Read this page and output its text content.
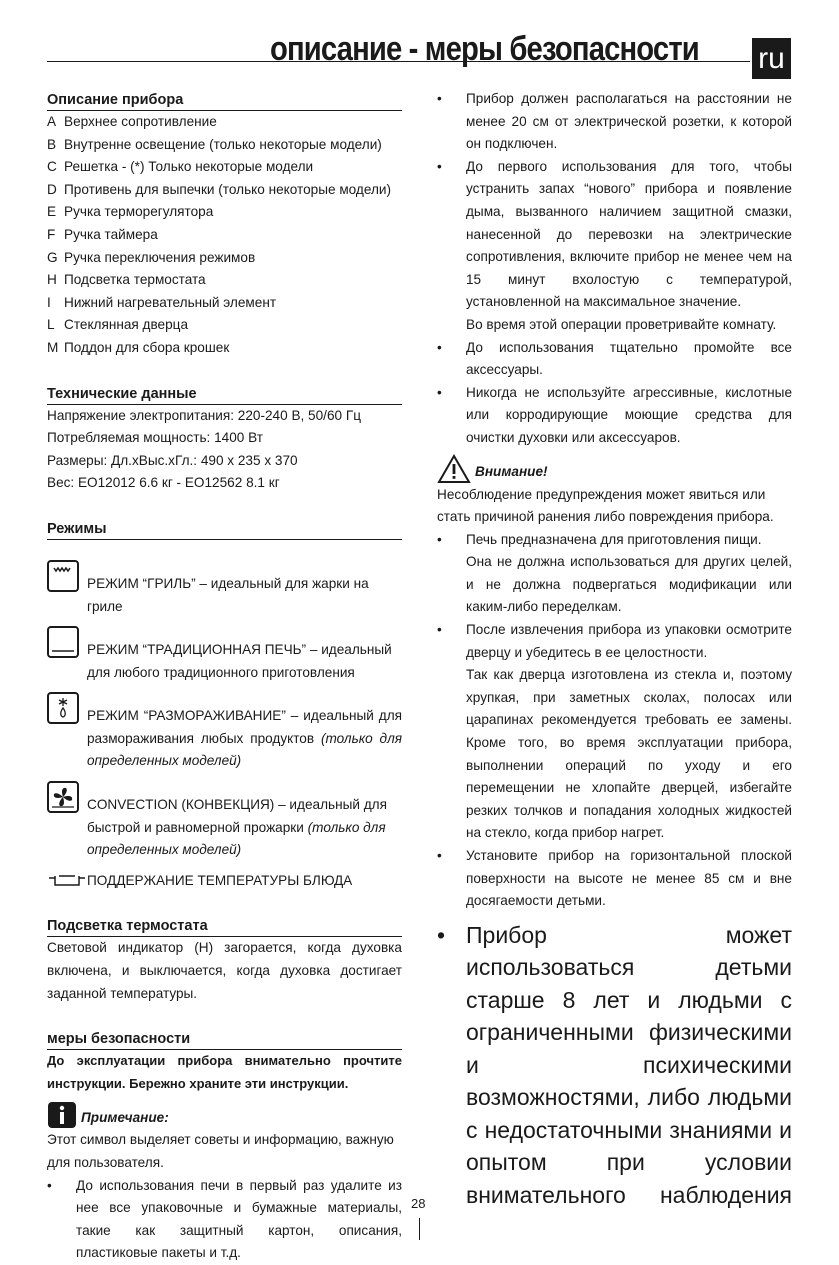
описание - меры безопасности ru
Описание прибора
A Верхнее сопротивление
B Внутренне освещение (только некоторые модели)
C Решетка - (*) Только некоторые модели
D Противень для выпечки (только некоторые модели)
E Ручка терморегулятора
F Ручка таймера
G Ручка переключения режимов
H Подсветка термостата
I Нижний нагревательный элемент
L Стеклянная дверца
M Поддон для сбора крошек
Технические данные
Напряжение электропитания: 220-240 В, 50/60 Гц
Потребляемая мощность: 1400 Вт
Размеры: Дл.хВыс.хГл.: 490 x 235 x 370
Вес: EO12012 6.6 кг - EO12562 8.1 кг
Режимы
РЕЖИМ “ГРИЛЬ” – идеальный для жарки на гриле
РЕЖИМ “ТРАДИЦИОННАЯ ПЕЧЬ” – идеальный для любого традиционного приготовления
РЕЖИМ “РАЗМОРАЖИВАНИЕ” – идеальный для размораживания любых продуктов (только для определенных моделей)
CONVECTION (КОНВЕКЦИЯ) – идеальный для быстрой и равномерной прожарки (только для определенных моделей)
ПОДДЕРЖАНИЕ ТЕМПЕРАТУРЫ БЛЮДА
Подсветка термостата
Световой индикатор (H) загорается, когда духовка включена, и выключается, когда духовка достигает заданной температуры.
меры безопасности
До эксплуатации прибора внимательно прочтите инструкции. Бережно храните эти инструкции.
Примечание:
Этот символ выделяет советы и информацию, важную для пользователя.
•	До использования печи в первый раз удалите из нее все упаковочные и бумажные материалы, такие как защитный картон, описания, пластиковые пакеты и т.д.
•	Прибор должен располагаться на расстоянии не менее 20 см от электрической розетки, к которой он подключен.
•	До первого использования для того, чтобы устранить запах “нового” прибора и появление дыма, вызванного наличием защитной смазки, нанесенной до перевозки на электрические сопротивления, включите прибор не менее чем на 15 минут вхолостую с температурой, установленной на максимальное значение.
Во время этой операции проветривайте комнату.
•	До использования тщательно промойте все аксессуары.
•	Никогда не используйте агрессивные, кислотные или корродирующие моющие средства для очистки духовки или аксессуаров.
Внимание!
Несоблюдение предупреждения может явиться или стать причиной ранения либо повреждения прибора.
•	Печь предназначена для приготовления пищи.
Она не должна использоваться для других целей, и не должна подвергаться модификации или каким-либо переделкам.
•	После извлечения прибора из упаковки осмотрите дверцу и убедитесь в ее целостности.
Так как дверца изготовлена из стекла и, поэтому хрупкая, при заметных сколах, полосах или царапинах рекомендуется требовать ее замены. Кроме того, во время эксплуатации прибора, выполнении операций по уходу и его перемещении не хлопайте дверцей, избегайте резких толчков и попадания холодных жидкостей на стекло, когда прибор нагрет.
•	Установите прибор на горизонтальной плоской поверхности на высоте не менее 85 см и вне досягаемости детьми.
• Прибор может использоваться детьми старше 8 лет и людьми с ограниченными физическими и психическими возможностями, либо людьми с недостаточными знаниями и опытом при условии внимательного наблюдения
28
